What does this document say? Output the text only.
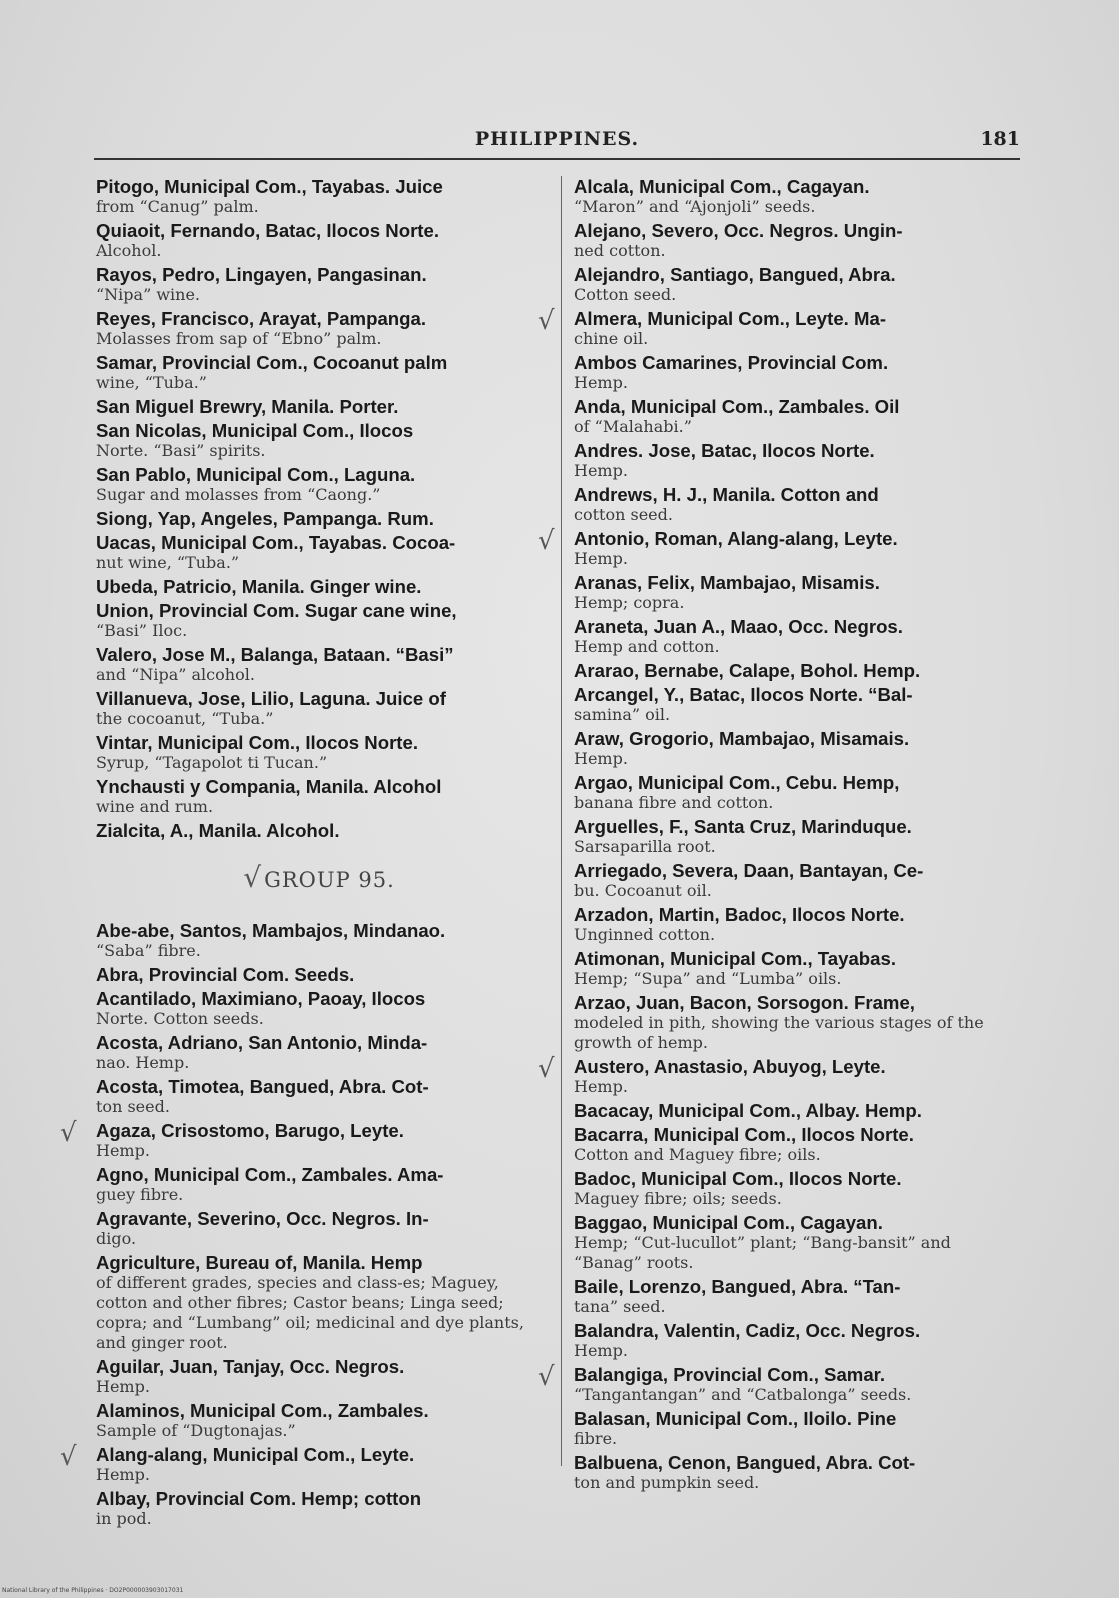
PHILIPPINES.	181

Pitogo, Municipal Com., Tayabas. Juice

from “Canug” palm.

Quiaoit, Fernando, Batac, Ilocos Norte.

Alcohol.

Rayos, Pedro, Lingayen, Pangasinan.

“Nipa” wine.

Reyes, Francisco, Arayat, Pampanga.

Molasses from sap of “Ebno” palm.

Samar, Provincial Com., Cocoanut palm

wine, “Tuba.”

San Miguel Brewry, Manila. Porter.

San Nicolas, Municipal Com., Ilocos

Norte. “Basi” spirits.

San Pablo, Municipal Com., Laguna.

Sugar and molasses from “Caong.”

Siong, Yap, Angeles, Pampanga. Rum.

Uacas, Municipal Com., Tayabas. Cocoa-

nut wine, “Tuba.”

Ubeda, Patricio, Manila. Ginger wine.

Union, Provincial Com. Sugar cane wine,

“Basi” Iloc.

Valero, Jose M., Balanga, Bataan. “Basi”

and “Nipa” alcohol.

Villanueva, Jose, Lilio, Laguna. Juice of

the cocoanut, “Tuba.”

Vintar, Municipal Com., Ilocos Norte.

Syrup, “Tagapolot ti Tucan.”

Ynchausti y Compania, Manila. Alcohol

wine and rum.

Zialcita, A., Manila. Alcohol.

√GROUP 95.

Abe-abe, Santos, Mambajos, Mindanao.

“Saba” fibre.

Abra, Provincial Com. Seeds.

Acantilado, Maximiano, Paoay, Ilocos

Norte. Cotton seeds.

Acosta, Adriano, San Antonio, Minda-

nao. Hemp.

Acosta, Timotea, Bangued, Abra. Cot-

ton seed.

√ Agaza, Crisostomo, Barugo, Leyte.

Hemp.

Agno, Municipal Com., Zambales. Ama-

guey fibre.

Agravante, Severino, Occ. Negros. In-

digo.

Agriculture, Bureau of, Manila. Hemp

of different grades, species and class-es; Maguey, cotton and other fibres; Castor beans; Linga seed; copra; and “Lumbang” oil; medicinal and dye plants, and ginger root.

Aguilar, Juan, Tanjay, Occ. Negros.

Hemp.

Alaminos, Municipal Com., Zambales.

Sample of “Dugtonajas.”

√ Alang-alang, Municipal Com., Leyte.

Hemp.

Albay, Provincial Com. Hemp; cotton

in pod.

Alcala, Municipal Com., Cagayan.

“Maron” and “Ajonjoli” seeds.

Alejano, Severo, Occ. Negros. Ungin-

ned cotton.

Alejandro, Santiago, Bangued, Abra.

Cotton seed.

√ Almera, Municipal Com., Leyte. Ma-

chine oil.

Ambos Camarines, Provincial Com.

Hemp.

Anda, Municipal Com., Zambales. Oil

of “Malahabi.”

Andres. Jose, Batac, Ilocos Norte.

Hemp.

Andrews, H. J., Manila. Cotton and

cotton seed.

√ Antonio, Roman, Alang-alang, Leyte.

Hemp.

Aranas, Felix, Mambajao, Misamis.

Hemp; copra.

Araneta, Juan A., Maao, Occ. Negros.

Hemp and cotton.

Ararao, Bernabe, Calape, Bohol. Hemp.

Arcangel, Y., Batac, Ilocos Norte. “Bal-

samina” oil.

Araw, Grogorio, Mambajao, Misamais.

Hemp.

Argao, Municipal Com., Cebu. Hemp,

banana fibre and cotton.

Arguelles, F., Santa Cruz, Marinduque.

Sarsaparilla root.

Arriegado, Severa, Daan, Bantayan, Ce-

bu. Cocoanut oil.

Arzadon, Martin, Badoc, Ilocos Norte.

Unginned cotton.

Atimonan, Municipal Com., Tayabas.

Hemp; “Supa” and “Lumba” oils.

Arzao, Juan, Bacon, Sorsogon. Frame,

modeled in pith, showing the various stages of the growth of hemp.

√ Austero, Anastasio, Abuyog, Leyte.

Hemp.

Bacacay, Municipal Com., Albay. Hemp.

Bacarra, Municipal Com., Ilocos Norte.

Cotton and Maguey fibre; oils.

Badoc, Municipal Com., Ilocos Norte.

Maguey fibre; oils; seeds.

Baggao, Municipal Com., Cagayan.

Hemp; “Cut-lucullot” plant; “Bang-bansit” and “Banag” roots.

Baile, Lorenzo, Bangued, Abra. “Tan-

tana” seed.

Balandra, Valentin, Cadiz, Occ. Negros.

Hemp.

√ Balangiga, Provincial Com., Samar.

“Tangantangan” and “Catbalonga” seeds.

Balasan, Municipal Com., Iloilo. Pine

fibre.

Balbuena, Cenon, Bangued, Abra. Cot-

ton and pumpkin seed.

National Library of the Philippines · DO2P000003903017031
